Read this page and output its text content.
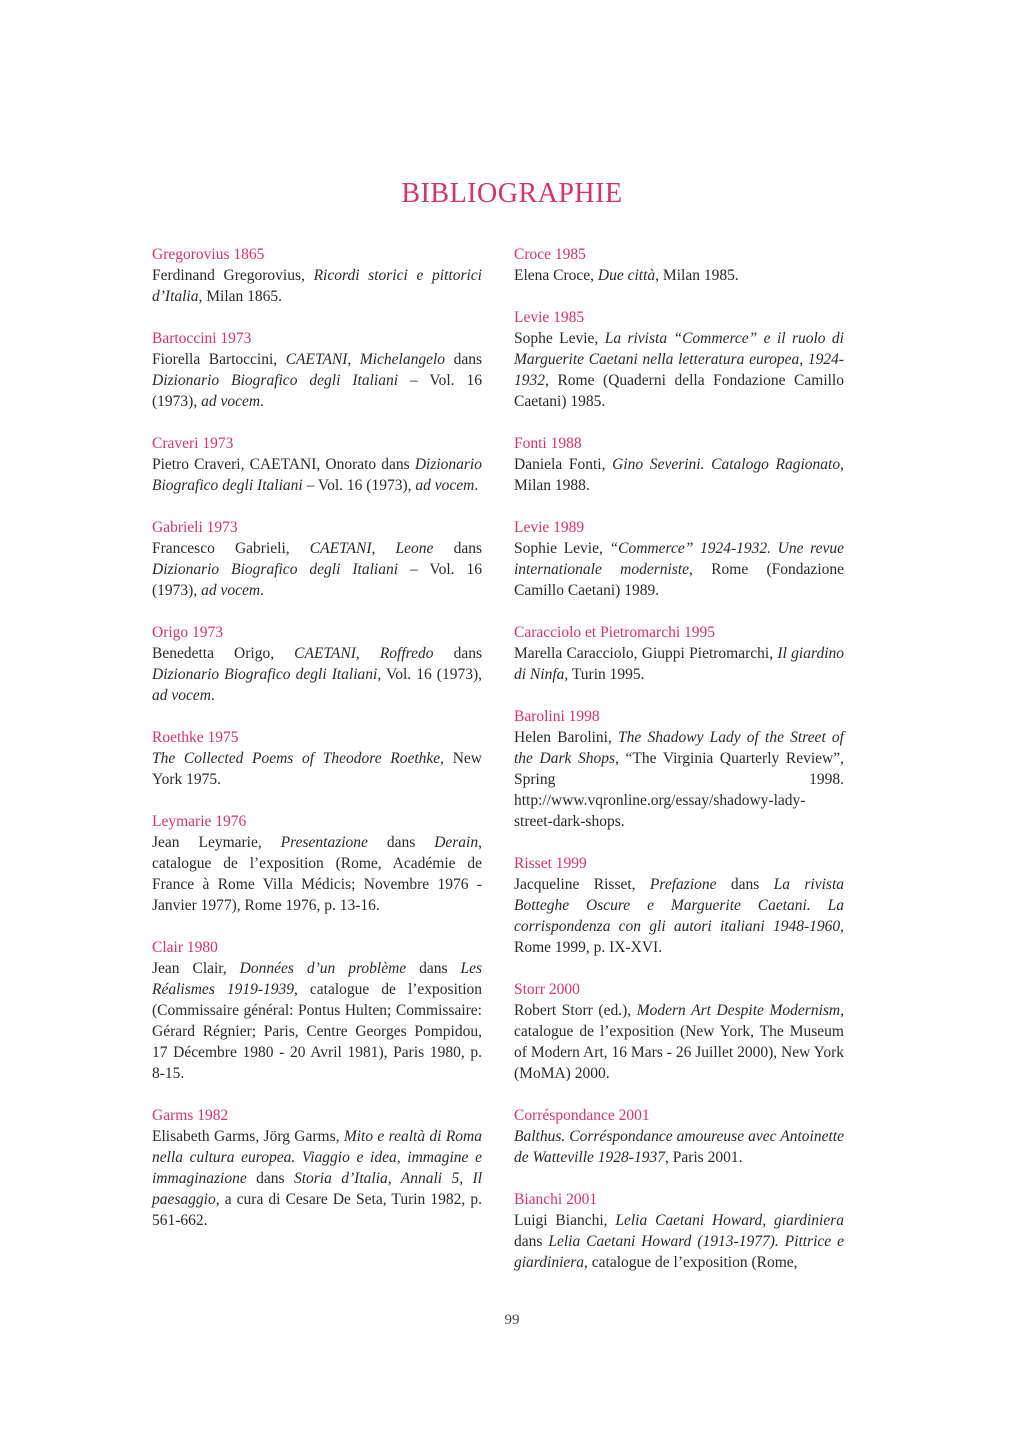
BIBLIOGRAPHIE
Gregorovius 1865
Ferdinand Gregorovius, Ricordi storici e pittorici d’Italia, Milan 1865.
Bartoccini 1973
Fiorella Bartoccini, CAETANI, Michelangelo dans Dizionario Biografico degli Italiani – Vol. 16 (1973), ad vocem.
Craveri 1973
Pietro Craveri, CAETANI, Onorato dans Dizionario Biografico degli Italiani – Vol. 16 (1973), ad vocem.
Gabrieli 1973
Francesco Gabrieli, CAETANI, Leone dans Dizionario Biografico degli Italiani – Vol. 16 (1973), ad vocem.
Origo 1973
Benedetta Origo, CAETANI, Roffredo dans Dizionario Biografico degli Italiani, Vol. 16 (1973), ad vocem.
Roethke 1975
The Collected Poems of Theodore Roethke, New York 1975.
Leymarie 1976
Jean Leymarie, Presentazione dans Derain, catalogue de l’exposition (Rome, Académie de France à Rome Villa Médicis; Novembre 1976 - Janvier 1977), Rome 1976, p. 13-16.
Clair 1980
Jean Clair, Données d’un problème dans Les Réalismes 1919-1939, catalogue de l’exposition (Commissaire général: Pontus Hulten; Commissaire: Gérard Régnier; Paris, Centre Georges Pompidou, 17 Décembre 1980 - 20 Avril 1981), Paris 1980, p. 8-15.
Garms 1982
Elisabeth Garms, Jörg Garms, Mito e realtà di Roma nella cultura europea. Viaggio e idea, immagine e immaginazione dans Storia d’Italia, Annali 5, Il paesaggio, a cura di Cesare De Seta, Turin 1982, p. 561-662.
Croce 1985
Elena Croce, Due città, Milan 1985.
Levie 1985
Sophe Levie, La rivista “Commerce” e il ruolo di Marguerite Caetani nella letteratura europea, 1924-1932, Rome (Quaderni della Fondazione Camillo Caetani) 1985.
Fonti 1988
Daniela Fonti, Gino Severini. Catalogo Ragionato, Milan 1988.
Levie 1989
Sophie Levie, “Commerce” 1924-1932. Une revue internationale moderniste, Rome (Fondazione Camillo Caetani) 1989.
Caracciolo et Pietromarchi 1995
Marella Caracciolo, Giuppi Pietromarchi, Il giardino di Ninfa, Turin 1995.
Barolini 1998
Helen Barolini, The Shadowy Lady of the Street of the Dark Shops, “The Virginia Quarterly Review”, Spring 1998. http://www.vqronline.org/essay/shadowy-lady-street-dark-shops.
Risset 1999
Jacqueline Risset, Prefazione dans La rivista Botteghe Oscure e Marguerite Caetani. La corrispondenza con gli autori italiani 1948-1960, Rome 1999, p. IX-XVI.
Storr 2000
Robert Storr (ed.), Modern Art Despite Modernism, catalogue de l’exposition (New York, The Museum of Modern Art, 16 Mars - 26 Juillet 2000), New York (MoMA) 2000.
Corréspondance 2001
Balthus. Corréspondance amoureuse avec Antoinette de Watteville 1928-1937, Paris 2001.
Bianchi 2001
Luigi Bianchi, Lelia Caetani Howard, giardiniera dans Lelia Caetani Howard (1913-1977). Pittrice e giardiniera, catalogue de l’exposition (Rome,
99
